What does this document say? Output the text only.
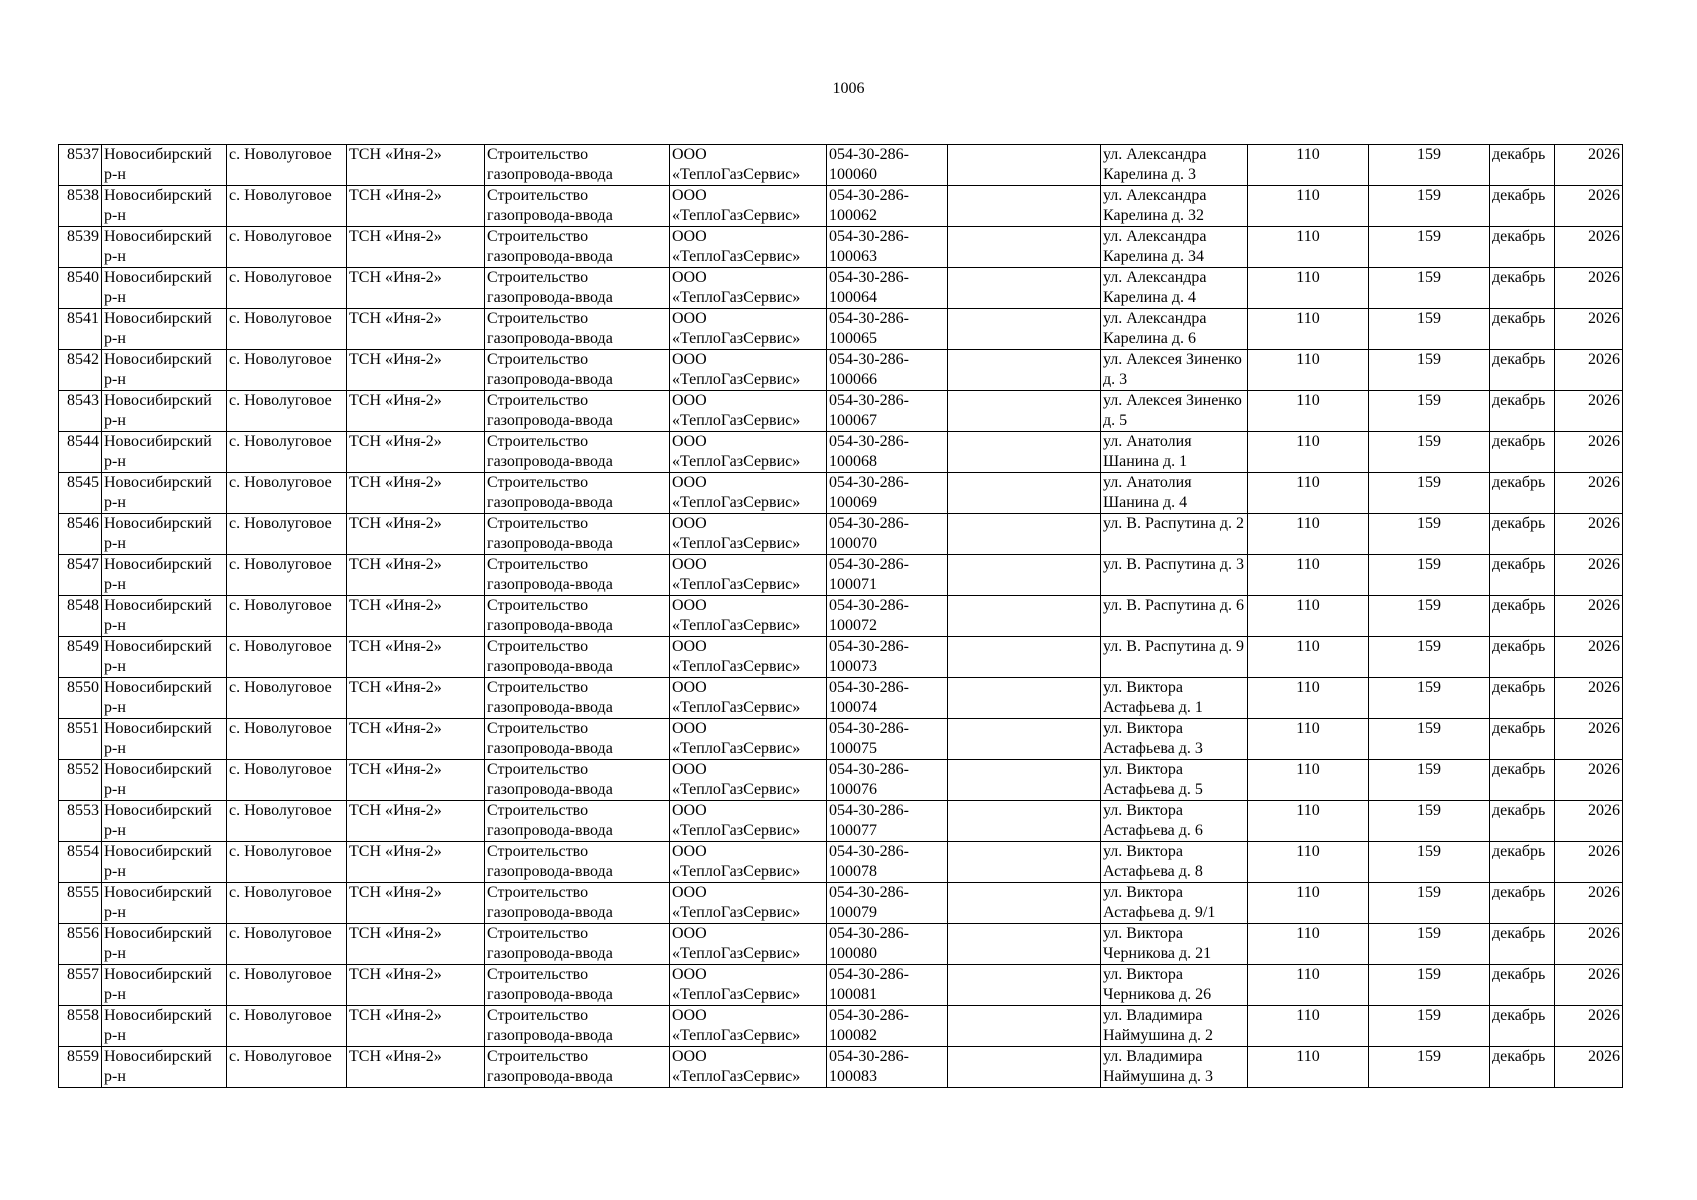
1006
8537	Новосибирский р-н	с. Новолуговое	ТСН «Иня-2»	Строительство газопровода-ввода	ООО «ТеплоГазСервис»	054-30-286-100060		ул. Александра Карелина д. 3	110	159	декабрь	2026
8538	Новосибирский р-н	с. Новолуговое	ТСН «Иня-2»	Строительство газопровода-ввода	ООО «ТеплоГазСервис»	054-30-286-100062		ул. Александра Карелина д. 32	110	159	декабрь	2026
8539	Новосибирский р-н	с. Новолуговое	ТСН «Иня-2»	Строительство газопровода-ввода	ООО «ТеплоГазСервис»	054-30-286-100063		ул. Александра Карелина д. 34	110	159	декабрь	2026
8540	Новосибирский р-н	с. Новолуговое	ТСН «Иня-2»	Строительство газопровода-ввода	ООО «ТеплоГазСервис»	054-30-286-100064		ул. Александра Карелина д. 4	110	159	декабрь	2026
8541	Новосибирский р-н	с. Новолуговое	ТСН «Иня-2»	Строительство газопровода-ввода	ООО «ТеплоГазСервис»	054-30-286-100065		ул. Александра Карелина д. 6	110	159	декабрь	2026
8542	Новосибирский р-н	с. Новолуговое	ТСН «Иня-2»	Строительство газопровода-ввода	ООО «ТеплоГазСервис»	054-30-286-100066		ул. Алексея Зиненко д. 3	110	159	декабрь	2026
8543	Новосибирский р-н	с. Новолуговое	ТСН «Иня-2»	Строительство газопровода-ввода	ООО «ТеплоГазСервис»	054-30-286-100067		ул. Алексея Зиненко д. 5	110	159	декабрь	2026
8544	Новосибирский р-н	с. Новолуговое	ТСН «Иня-2»	Строительство газопровода-ввода	ООО «ТеплоГазСервис»	054-30-286-100068		ул. Анатолия Шанина д. 1	110	159	декабрь	2026
8545	Новосибирский р-н	с. Новолуговое	ТСН «Иня-2»	Строительство газопровода-ввода	ООО «ТеплоГазСервис»	054-30-286-100069		ул. Анатолия Шанина д. 4	110	159	декабрь	2026
8546	Новосибирский р-н	с. Новолуговое	ТСН «Иня-2»	Строительство газопровода-ввода	ООО «ТеплоГазСервис»	054-30-286-100070		ул. В. Распутина д. 2	110	159	декабрь	2026
8547	Новосибирский р-н	с. Новолуговое	ТСН «Иня-2»	Строительство газопровода-ввода	ООО «ТеплоГазСервис»	054-30-286-100071		ул. В. Распутина д. 3	110	159	декабрь	2026
8548	Новосибирский р-н	с. Новолуговое	ТСН «Иня-2»	Строительство газопровода-ввода	ООО «ТеплоГазСервис»	054-30-286-100072		ул. В. Распутина д. 6	110	159	декабрь	2026
8549	Новосибирский р-н	с. Новолуговое	ТСН «Иня-2»	Строительство газопровода-ввода	ООО «ТеплоГазСервис»	054-30-286-100073		ул. В. Распутина д. 9	110	159	декабрь	2026
8550	Новосибирский р-н	с. Новолуговое	ТСН «Иня-2»	Строительство газопровода-ввода	ООО «ТеплоГазСервис»	054-30-286-100074		ул. Виктора Астафьева д. 1	110	159	декабрь	2026
8551	Новосибирский р-н	с. Новолуговое	ТСН «Иня-2»	Строительство газопровода-ввода	ООО «ТеплоГазСервис»	054-30-286-100075		ул. Виктора Астафьева д. 3	110	159	декабрь	2026
8552	Новосибирский р-н	с. Новолуговое	ТСН «Иня-2»	Строительство газопровода-ввода	ООО «ТеплоГазСервис»	054-30-286-100076		ул. Виктора Астафьева д. 5	110	159	декабрь	2026
8553	Новосибирский р-н	с. Новолуговое	ТСН «Иня-2»	Строительство газопровода-ввода	ООО «ТеплоГазСервис»	054-30-286-100077		ул. Виктора Астафьева д. 6	110	159	декабрь	2026
8554	Новосибирский р-н	с. Новолуговое	ТСН «Иня-2»	Строительство газопровода-ввода	ООО «ТеплоГазСервис»	054-30-286-100078		ул. Виктора Астафьева д. 8	110	159	декабрь	2026
8555	Новосибирский р-н	с. Новолуговое	ТСН «Иня-2»	Строительство газопровода-ввода	ООО «ТеплоГазСервис»	054-30-286-100079		ул. Виктора Астафьева д. 9/1	110	159	декабрь	2026
8556	Новосибирский р-н	с. Новолуговое	ТСН «Иня-2»	Строительство газопровода-ввода	ООО «ТеплоГазСервис»	054-30-286-100080		ул. Виктора Черникова д. 21	110	159	декабрь	2026
8557	Новосибирский р-н	с. Новолуговое	ТСН «Иня-2»	Строительство газопровода-ввода	ООО «ТеплоГазСервис»	054-30-286-100081		ул. Виктора Черникова д. 26	110	159	декабрь	2026
8558	Новосибирский р-н	с. Новолуговое	ТСН «Иня-2»	Строительство газопровода-ввода	ООО «ТеплоГазСервис»	054-30-286-100082		ул. Владимира Наймушина д. 2	110	159	декабрь	2026
8559	Новосибирский р-н	с. Новолуговое	ТСН «Иня-2»	Строительство газопровода-ввода	ООО «ТеплоГазСервис»	054-30-286-100083		ул. Владимира Наймушина д. 3	110	159	декабрь	2026
